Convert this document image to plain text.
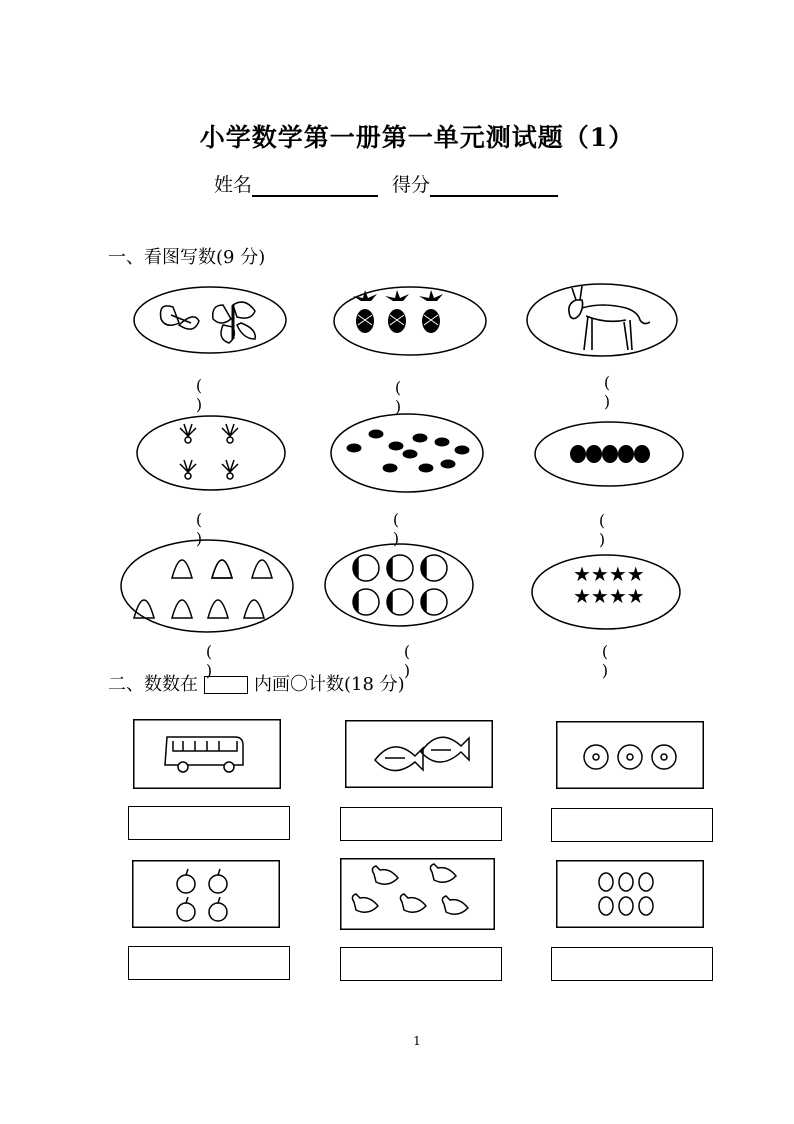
小学数学第一册第一单元测试题（1）
姓名	得分
一、看图写数(9 分)
( )
( )
( )
( )
( )
( )
( )
( )
★★★★
★★★★
( )
二、数数在	内画〇计数(18 分)
1
